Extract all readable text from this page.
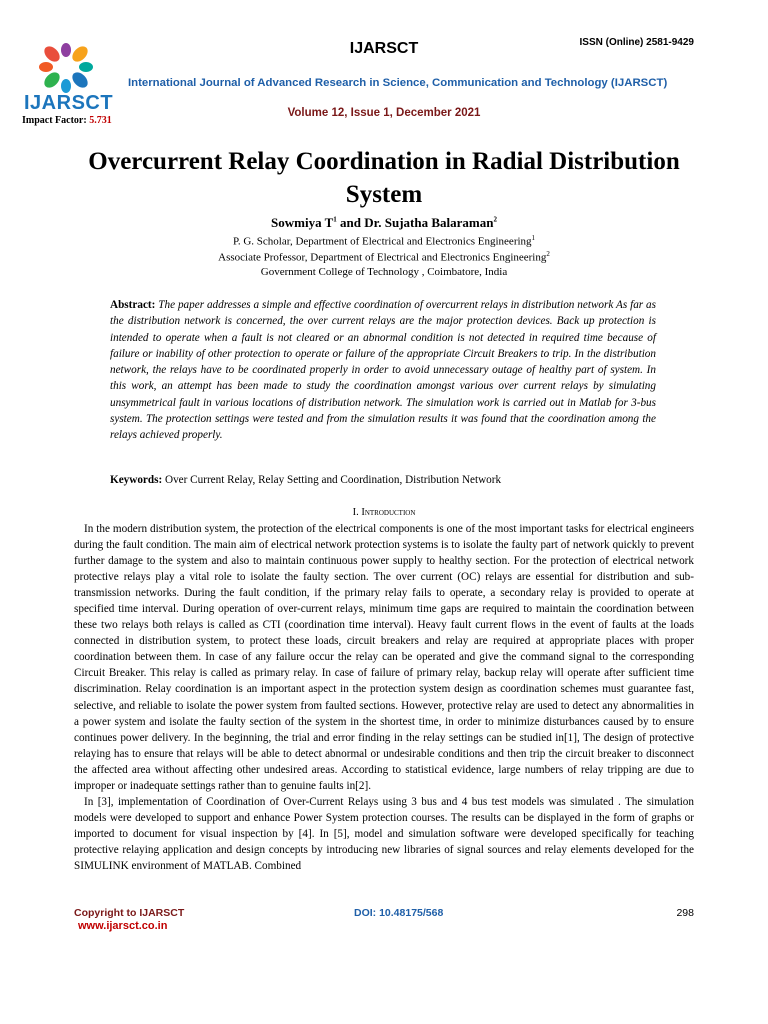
IJARSCT
Impact Factor: 5.731
IJARSCT	ISSN (Online) 2581-9429
International Journal of Advanced Research in Science, Communication and Technology (IJARSCT)
Volume 12, Issue 1, December 2021
Overcurrent Relay Coordination in Radial Distribution System
Sowmiya $T^1$ and Dr. Sujatha Balaraman$^2$
P. G. Scholar, Department of Electrical and Electronics Engineering$^1$
Associate Professor, Department of Electrical and Electronics Engineering$^2$
Government College of Technology , Coimbatore, India
Abstract: The paper addresses a simple and effective coordination of overcurrent relays in distribution network As far as the distribution network is concerned, the over current relays are the major protection devices. Back up protection is intended to operate when a fault is not cleared or an abnormal condition is not detected in required time because of failure or inability of other protection to operate or failure of the appropriate Circuit Breakers to trip. In the distribution network, the relays have to be coordinated properly in order to avoid unnecessary outage of healthy part of system. In this work, an attempt has been made to study the coordination amongst various over current relays by simulating unsymmetrical fault in various locations of distribution network. The simulation work is carried out in Matlab for 3-bus system. The protection settings were tested and from the simulation results it was found that the coordination among the relays achieved properly.
Keywords: Over Current Relay, Relay Setting and Coordination, Distribution Network
I. Introduction

In the modern distribution system, the protection of the electrical components is one of the most important tasks for electrical engineers during the fault condition. The main aim of electrical network protection systems is to isolate the faulty part of network quickly to prevent further damage to the system and also to maintain continuous power supply to healthy section. For the protection of electrical network protective relays play a vital role to isolate the faulty section. The over current (OC) relays are essential for distribution and sub-transmission networks. During the fault condition, if the primary relay fails to operate, a secondary relay is provided to operate at specified time interval. During operation of over-current relays, minimum time gaps are required to maintain the coordination between these two relays both relays is called as CTI (coordination time interval). Heavy fault current flows in the event of faults at the loads connected in distribution system, to protect these loads, circuit breakers and relay are required at appropriate places with proper coordination between them. In case of any failure occur the relay can be operated and give the command signal to the corresponding Circuit Breaker. This relay is called as primary relay. In case of failure of primary relay, backup relay will operate after sufficient time discrimination. Relay coordination is an important aspect in the protection system design as coordination schemes must guarantee fast, selective, and reliable to isolate the power system from faulted sections. However, protective relay are used to detect any abnormalities in a power system and isolate the faulty section of the system in the shortest time, in order to minimize disturbances caused by to ensure continues power delivery. In the beginning, the trial and error finding in the relay settings can be studied in[1], The design of protective relaying has to ensure that relays will be able to detect abnormal or undesirable conditions and then trip the circuit breaker to disconnect the affected area without affecting other undesired areas. According to statistical evidence, large numbers of relay tripping are due to improper or inadequate settings rather than to genuine faults in[2].

In [3], implementation of Coordination of Over-Current Relays using 3 bus and 4 bus test models was simulated . The simulation models were developed to support and enhance Power System protection courses. The results can be displayed in the form of graphs or imported to document for visual inspection by [4]. In [5], model and simulation software were developed specifically for teaching protective relaying application and design concepts by introducing new libraries of signal sources and relay elements developed for the SIMULINK environment of MATLAB. Combined

Copyright to IJARSCT	DOI: 10.48175/568	298
www.ijarsct.co.in
